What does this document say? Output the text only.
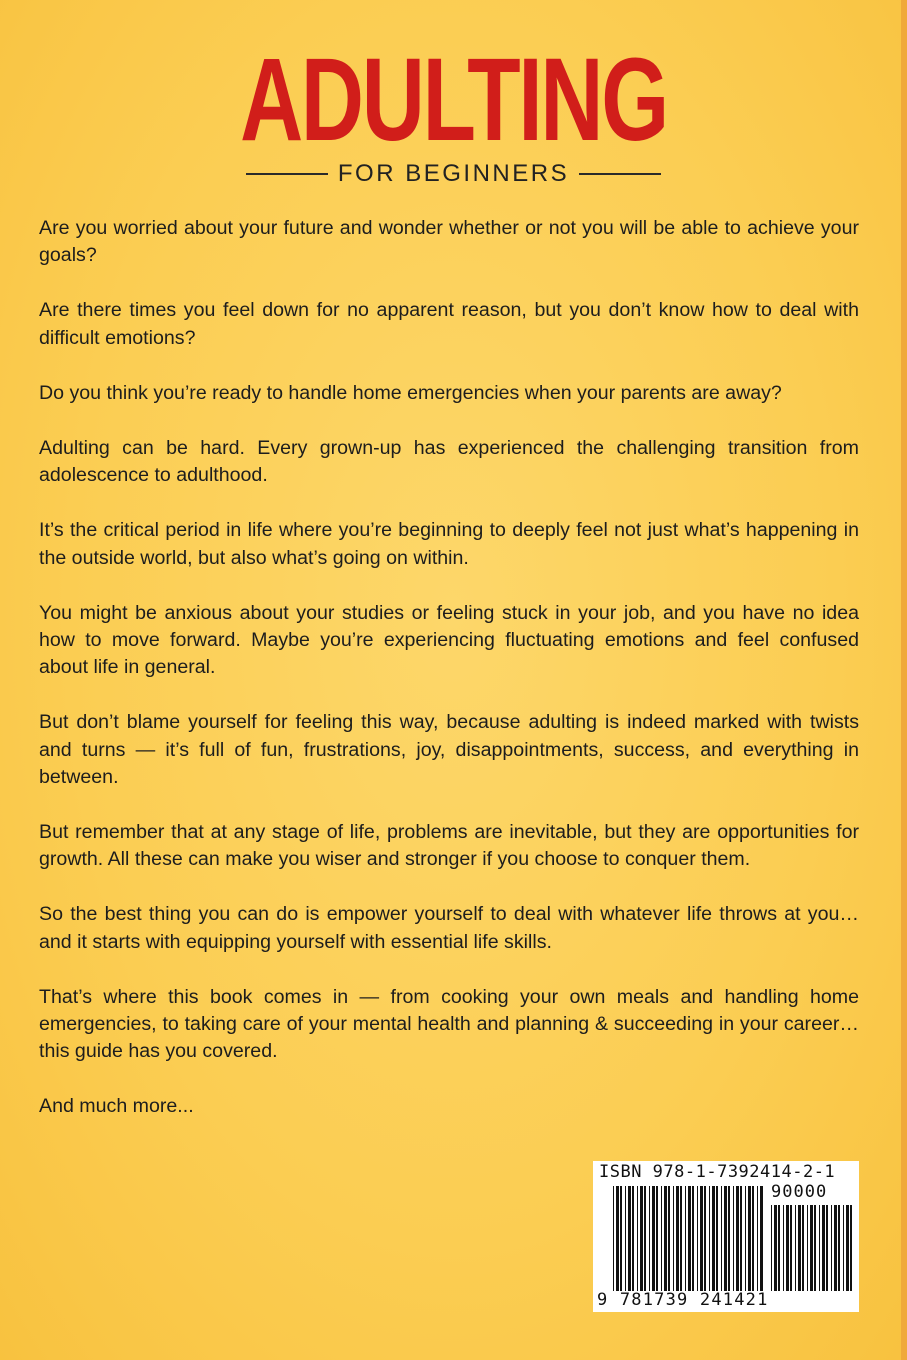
ADULTING
FOR BEGINNERS

Are you worried about your future and wonder whether or not you will be able to achieve your goals?

Are there times you feel down for no apparent reason, but you don’t know how to deal with difficult emotions?

Do you think you’re ready to handle home emergencies when your parents are away?

Adulting can be hard. Every grown-up has experienced the challenging transition from adolescence to adulthood.

It’s the critical period in life where you’re beginning to deeply feel not just what’s happening in the outside world, but also what’s going on within.

You might be anxious about your studies or feeling stuck in your job, and you have no idea how to move forward. Maybe you’re experiencing fluctuating emotions and feel confused about life in general.

But don’t blame yourself for feeling this way, because adulting is indeed marked with twists and turns — it’s full of fun, frustrations, joy, disappointments, success, and everything in between.

But remember that at any stage of life, problems are inevitable, but they are opportunities for growth. All these can make you wiser and stronger if you choose to conquer them.

So the best thing you can do is empower yourself to deal with whatever life throws at you… and it starts with equipping yourself with essential life skills.

That’s where this book comes in — from cooking your own meals and handling home emergencies, to taking care of your mental health and planning & succeeding in your career… this guide has you covered.

And much more...

ISBN 978-1-7392414-2-1
90000
9 781739 241421
